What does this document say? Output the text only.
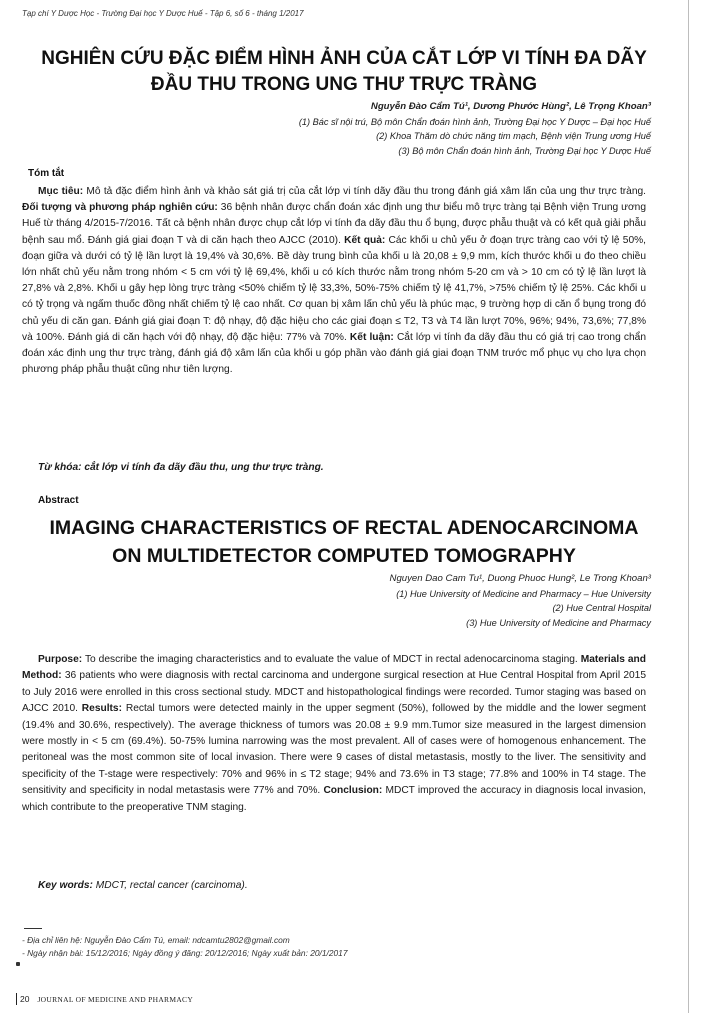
Tạp chí Y Dược Học - Trường Đại học Y Dược Huế - Tập 6, số 6 - tháng 1/2017
NGHIÊN CỨU ĐẶC ĐIỂM HÌNH ẢNH CỦA CẮT LỚP VI TÍNH ĐA DÃY
ĐẦU THU TRONG UNG THƯ TRỰC TRÀNG
Nguyễn Đào Cẩm Tú¹, Dương Phước Hùng², Lê Trọng Khoan³
(1) Bác sĩ nội trú, Bộ môn Chẩn đoán hình ảnh, Trường Đại học Y Dược – Đại học Huế
(2) Khoa Thăm dò chức năng tim mạch, Bệnh viện Trung ương Huế
(3) Bộ môn Chẩn đoán hình ảnh, Trường Đại học Y Dược Huế
Tóm tắt
Mục tiêu: Mô tả đặc điểm hình ảnh và khảo sát giá trị của cắt lớp vi tính dãy đầu thu trong đánh giá xâm lấn của ung thư trực tràng. Đối tượng và phương pháp nghiên cứu: 36 bệnh nhân được chẩn đoán xác định ung thư biểu mô trực tràng tại Bệnh viện Trung ương Huế từ tháng 4/2015-7/2016. Tất cả bệnh nhân được chụp cắt lớp vi tính đa dãy đầu thu ổ bụng, được phẫu thuật và có kết quả giải phẫu bệnh sau mổ. Đánh giá giai đoạn T và di căn hạch theo AJCC (2010). Kết quả: Các khối u chủ yếu ở đoạn trực tràng cao với tỷ lệ 50%, đoạn giữa và dưới có tỷ lệ lần lượt là 19,4% và 30,6%. Bề dày trung bình của khối u là 20,08 ± 9,9 mm, kích thước khối u đo theo chiều lớn nhất chủ yếu nằm trong nhóm < 5 cm với tỷ lệ 69,4%, khối u có kích thước nằm trong nhóm 5-20 cm và > 10 cm có tỷ lệ lần lượt là 27,8% và 2,8%. Khối u gây hẹp lòng trực tràng <50% chiếm tỷ lệ 33,3%, 50%-75% chiếm tỷ lệ 41,7%, >75% chiếm tỷ lệ 25%. Các khối u có tỷ trọng và ngấm thuốc đồng nhất chiếm tỷ lệ cao nhất. Cơ quan bị xâm lấn chủ yếu là phúc mạc, 9 trường hợp di căn ổ bụng trong đó chủ yếu di căn gan. Đánh giá giai đoạn T: độ nhạy, độ đặc hiệu cho các giai đoạn ≤ T2, T3 và T4 lần lượt 70%, 96%; 94%, 73,6%; 77,8% và 100%. Đánh giá di căn hạch với độ nhạy, độ đặc hiệu: 77% và 70%. Kết luận: Cắt lớp vi tính đa dãy đầu thu có giá trị cao trong chẩn đoán xác định ung thư trực tràng, đánh giá độ xâm lấn của khối u góp phần vào đánh giá giai đoạn TNM trước mổ phục vụ cho lựa chọn phương pháp phẫu thuật cũng như tiên lượng.
Từ khóa: cắt lớp vi tính đa dãy đầu thu, ung thư trực tràng.
Abstract
IMAGING CHARACTERISTICS OF RECTAL ADENOCARCINOMA
ON MULTIDETECTOR COMPUTED TOMOGRAPHY
Nguyen Dao Cam Tu¹, Duong Phuoc Hung², Le Trong Khoan³
(1) Hue University of Medicine and Pharmacy – Hue University
(2) Hue Central Hospital
(3) Hue University of Medicine and Pharmacy
Purpose: To describe the imaging characteristics and to evaluate the value of MDCT in rectal adenocarcinoma staging. Materials and Method: 36 patients who were diagnosis with rectal carcinoma and undergone surgical resection at Hue Central Hospital from April 2015 to July 2016 were enrolled in this cross sectional study. MDCT and histopathological findings were recorded. Tumor staging was based on AJCC 2010. Results: Rectal tumors were detected mainly in the upper segment (50%), followed by the middle and the lower segment (19.4% and 30.6%, respectively). The average thickness of tumors was 20.08 ± 9.9 mm.Tumor size measured in the largest dimension were mostly in < 5 cm (69.4%). 50-75% lumina narrowing was the most prevalent. All of cases were of homogenous enhancement. The peritoneal was the most common site of local invasion. There were 9 cases of distal metastasis, mostly to the liver. The sensitivity and specificity of the T-stage were respectively: 70% and 96% in ≤ T2 stage; 94% and 73.6% in T3 stage; 77.8% and 100% in T4 stage. The sensitivity and specificity in nodal metastasis were 77% and 70%. Conclusion: MDCT improved the accuracy in diagnosis local invasion, which contribute to the preoperative TNM staging.
Key words: MDCT, rectal cancer (carcinoma).
- Địa chỉ liên hệ: Nguyễn Đào Cẩm Tú, email: ndcamtu2802@gmail.com
- Ngày nhận bài: 15/12/2016; Ngày đồng ý đăng: 20/12/2016; Ngày xuất bản: 20/1/2017
20 JOURNAL OF MEDICINE AND PHARMACY
